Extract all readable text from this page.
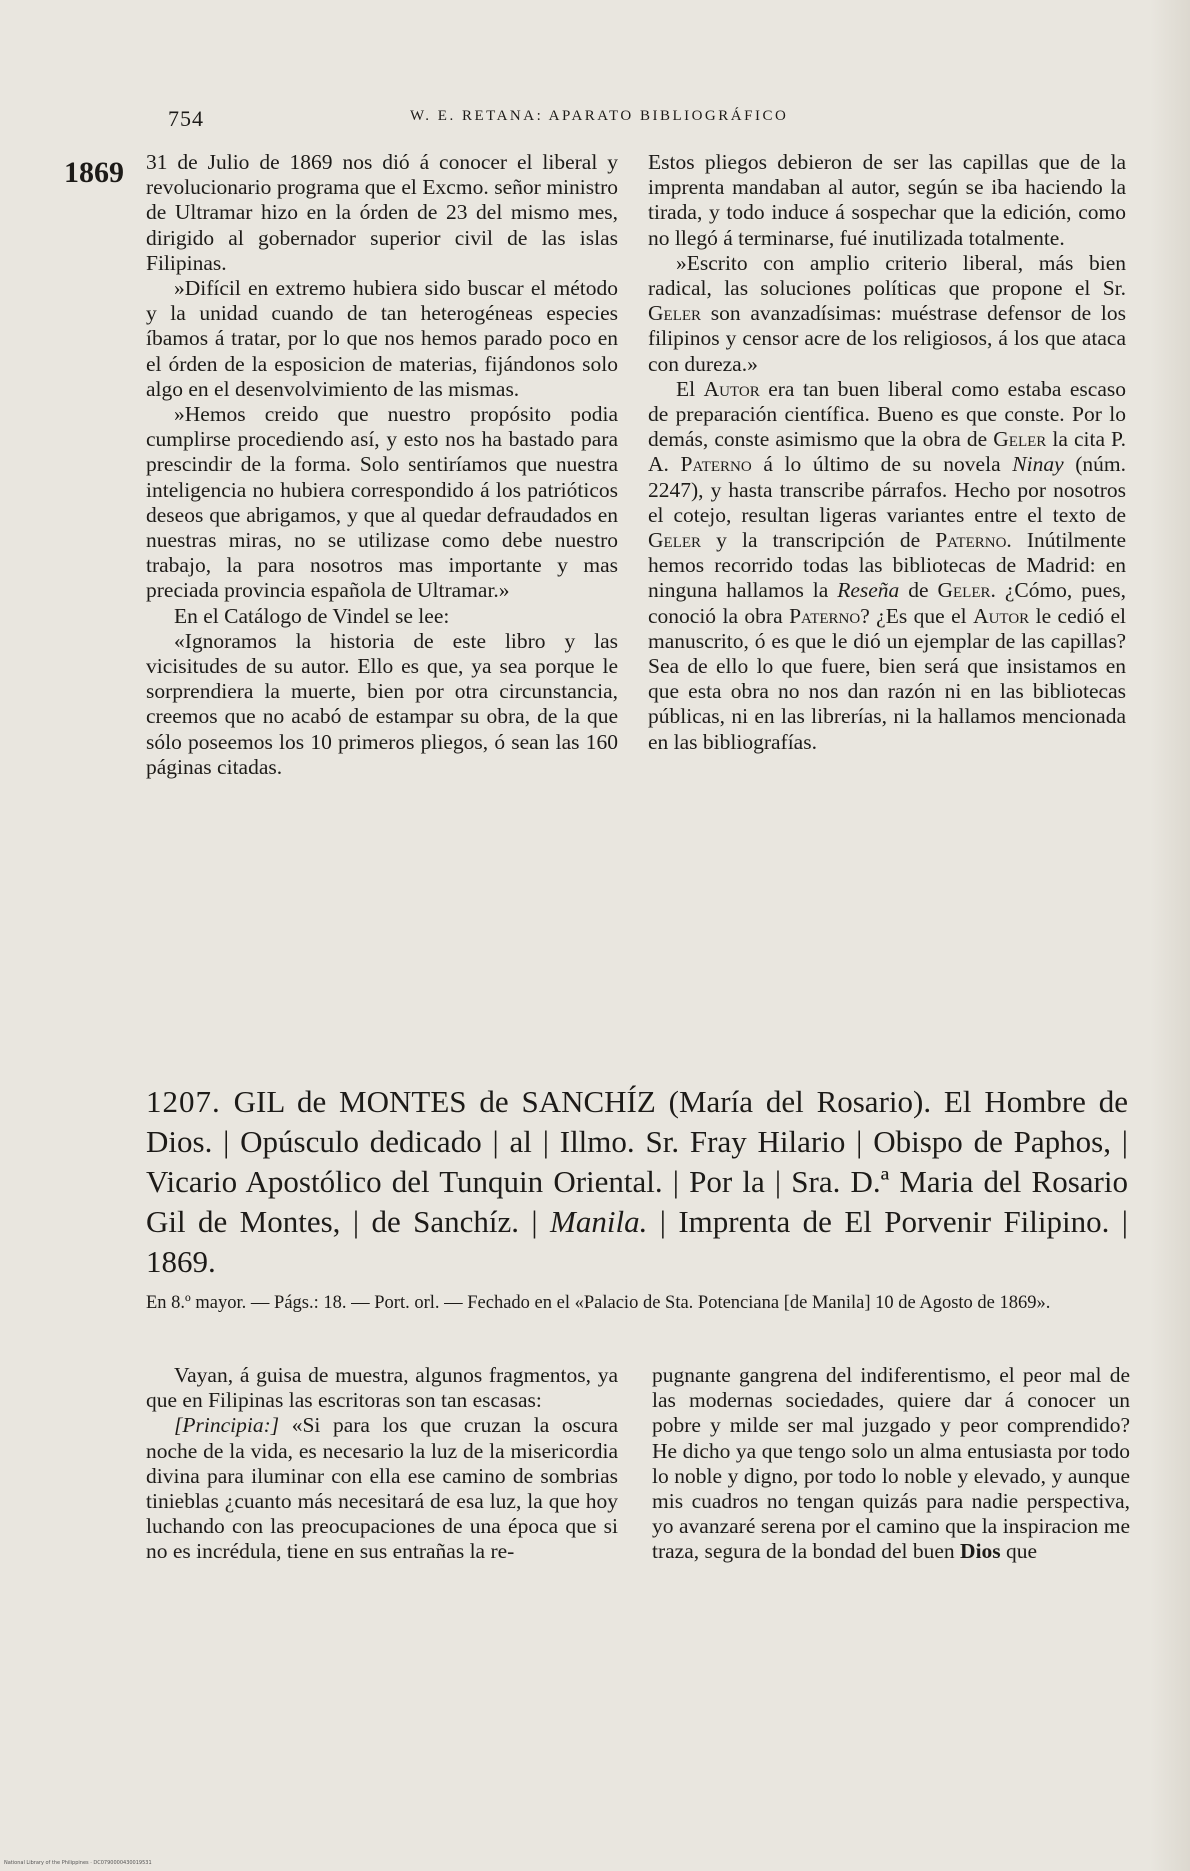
754	W. E. RETANA: APARATO BIBLIOGRÁFICO
1869 31 de Julio de 1869 nos dió á conocer el liberal y revolucionario programa que el Excmo. señor ministro de Ultramar hizo en la órden de 23 del mismo mes, dirigido al gobernador superior civil de las islas Filipinas.

»Difícil en extremo hubiera sido buscar el método y la unidad cuando de tan heterogéneas especies íbamos á tratar, por lo que nos hemos parado poco en el órden de la esposicion de materias, fijándonos solo algo en el desenvolvimiento de las mismas.

»Hemos creido que nuestro propósito podia cumplirse procediendo así, y esto nos ha bastado para prescindir de la forma. Solo sentiríamos que nuestra inteligencia no hubiera correspondido á los patrióticos deseos que abrigamos, y que al quedar defraudados en nuestras miras, no se utilizase como debe nuestro trabajo, la para nosotros mas importante y mas preciada provincia española de Ultramar.»

En el Catálogo de Vindel se lee:

«Ignoramos la historia de este libro y las vicisitudes de su autor. Ello es que, ya sea porque le sorprendiera la muerte, bien por otra circunstancia, creemos que no acabó de estampar su obra, de la que sólo poseemos los 10 primeros pliegos, ó sean las 160 páginas citadas.

Estos pliegos debieron de ser las capillas que de la imprenta mandaban al autor, según se iba haciendo la tirada, y todo induce á sospechar que la edición, como no llegó á terminarse, fué inutilizada totalmente.

»Escrito con amplio criterio liberal, más bien radical, las soluciones políticas que propone el Sr. Geler son avanzadísimas: muéstrase defensor de los filipinos y censor acre de los religiosos, á los que ataca con dureza.»

El Autor era tan buen liberal como estaba escaso de preparación científica. Bueno es que conste. Por lo demás, conste asimismo que la obra de Geler la cita P. A. Paterno á lo último de su novela Ninay (núm. 2247), y hasta transcribe párrafos. Hecho por nosotros el cotejo, resultan ligeras variantes entre el texto de Geler y la transcripción de Paterno. Inútilmente hemos recorrido todas las bibliotecas de Madrid: en ninguna hallamos la Reseña de Geler. ¿Cómo, pues, conoció la obra Paterno? ¿Es que el Autor le cedió el manuscrito, ó es que le dió un ejemplar de las capillas? Sea de ello lo que fuere, bien será que insistamos en que esta obra no nos dan razón ni en las bibliotecas públicas, ni en las librerías, ni la hallamos mencionada en las bibliografías.

1207. GIL de MONTES de SANCHÍZ (María del Rosario). El Hombre de Dios. | Opúsculo dedicado | al | Illmo. Sr. Fray Hilario | Obispo de Paphos, | Vicario Apostólico del Tunquin Oriental. | Por la | Sra. D.ª Maria del Rosario Gil de Montes, | de Sanchíz. | Manila. | Imprenta de El Porvenir Filipino. | 1869.
En 8.º mayor. — Págs.: 18. — Port. orl. — Fechado en el «Palacio de Sta. Potenciana [de Manila] 10 de Agosto de 1869».

Vayan, á guisa de muestra, algunos fragmentos, ya que en Filipinas las escritoras son tan escasas:

[Principia:] «Si para los que cruzan la oscura noche de la vida, es necesario la luz de la misericordia divina para iluminar con ella ese camino de sombrias tinieblas ¿cuanto más necesitará de esa luz, la que hoy luchando con las preocupaciones de una época que si no es incrédula, tiene en sus entrañas la re-

pugnante gangrena del indiferentismo, el peor mal de las modernas sociedades, quiere dar á conocer un pobre y milde ser mal juzgado y peor comprendido? He dicho ya que tengo solo un alma entusiasta por todo lo noble y digno, por todo lo noble y elevado, y aunque mis cuadros no tengan quizás para nadie perspectiva, yo avanzaré serena por el camino que la inspiracion me traza, segura de la bondad del buen Dios que

National Library of the Philippines · DC0790000430019531
